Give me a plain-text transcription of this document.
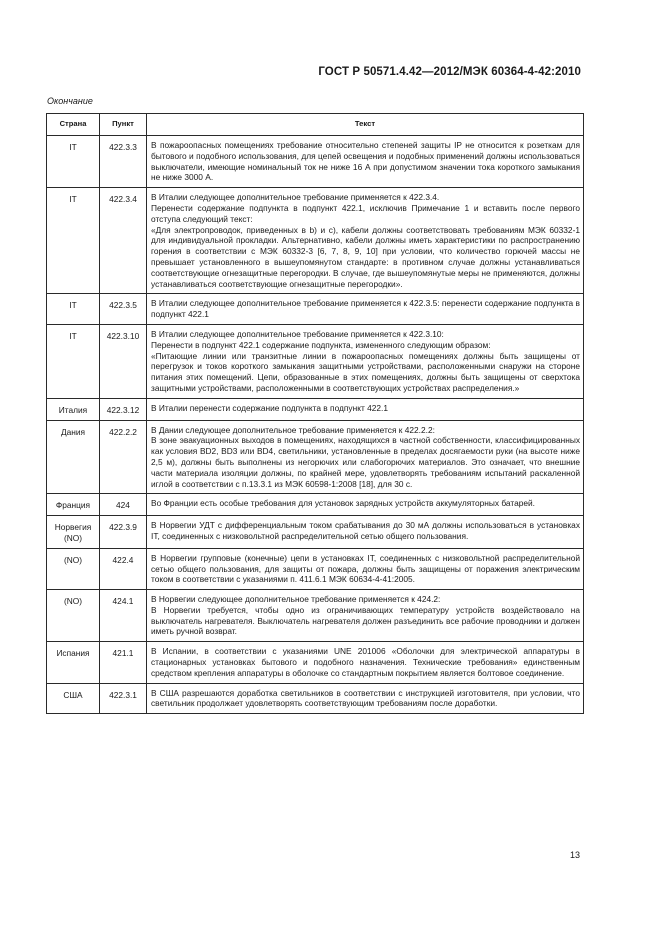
ГОСТ Р 50571.4.42—2012/МЭК 60364-4-42:2010
Окончание
Страна	Пункт	Текст
IT	422.3.3	В пожароопасных помещениях требование относительно степеней защиты IP не относится к розеткам для бытового и подобного использования, для цепей освещения и подобных применений должны использоваться выключатели, имеющие номинальный ток не ниже 16 А при допустимом значении тока короткого замыкания не ниже 3000 А.

IT	422.3.4	В Италии следующее дополнительное требование применяется к 422.3.4.
Перенести содержание подпункта в подпункт 422.1, исключив Примечание 1 и вставить после первого отступа следующий текст:
«Для электропроводок, приведенных в b) и с), кабели должны соответствовать требованиям МЭК 60332-1 для индивидуальной прокладки. Альтернативно, кабели должны иметь характеристики по распространению горения в соответствии с МЭК 60332-3 [6, 7, 8, 9, 10] при условии, что количество горючей массы не превышает установленного в вышеупомянутом стандарте: в противном случае должны устанавливаться соответствующие огнезащитные перегородки. В случае, где вышеупомянутые меры не применяются, должны устанавливаться соответствующие огнезащитные перегородки».

IT	422.3.5	В Италии следующее дополнительное требование применяется к 422.3.5: перенести содержание подпункта в подпункт 422.1

IT	422.3.10	В Италии следующее дополнительное требование применяется к 422.3.10:
Перенести в подпункт 422.1 содержание подпункта, измененного следующим образом:
«Питающие линии или транзитные линии в пожароопасных помещениях должны быть защищены от перегрузок и токов короткого замыкания защитными устройствами, расположенными снаружи на стороне питания этих помещений. Цепи, образованные в этих помещениях, должны быть защищены от сверхтока защитными устройствами, расположенными в соответствующих устройствах распределения.»

Италия	422.3.12	В Италии перенести содержание подпункта в подпункт 422.1

Дания	422.2.2	В Дании следующее дополнительное требование применяется к 422.2.2:
В зоне эвакуационных выходов в помещениях, находящихся в частной собственности, классифицированных как условия BD2, BD3 или BD4, светильники, установленные в пределах досягаемости руки (на высоте ниже 2,5 м), должны быть выполнены из негорючих или слабогорючих материалов. Это означает, что внешние части материала изоляции должны, по крайней мере, удовлетворять требованиям испытаний раскаленной иглой в соответствии с п.13.3.1 из МЭК 60598-1:2008 [18], для 30 с.

Франция	424	Во Франции есть особые требования для установок зарядных устройств аккумуляторных батарей.

Норвегия (NO)	422.3.9	В Норвегии УДТ с дифференциальным током срабатывания до 30 мА должны использоваться в установках IT, соединенных с низковольтной распределительной сетью общего пользования.

(NO)	422.4	В Норвегии групповые (конечные) цепи в установках IT, соединенных с низковольтной распределительной сетью общего пользования, для защиты от пожара, должны быть защищены от поражения электрическим током в соответствии с указаниями п. 411.6.1 МЭК 60634-4-41:2005.

(NO)	424.1	В Норвегии следующее дополнительное требование применяется к 424.2:
В Норвегии требуется, чтобы одно из ограничивающих температуру устройств воздействовало на выключатель нагревателя. Выключатель нагревателя должен разъединить все рабочие проводники и должен иметь ручной возврат.

Испания	421.1	В Испании, в соответствии с указаниями UNE 201006 «Оболочки для электрической аппаратуры в стационарных установках бытового и подобного назначения. Технические требования» единственным средством крепления аппаратуры в оболочке со стандартным покрытием является болтовое соединение.

США	422.3.1	В США разрешаются доработка светильников в соответствии с инструкцией изготовителя, при условии, что светильник продолжает удовлетворять соответствующим требованиям после доработки.
13
